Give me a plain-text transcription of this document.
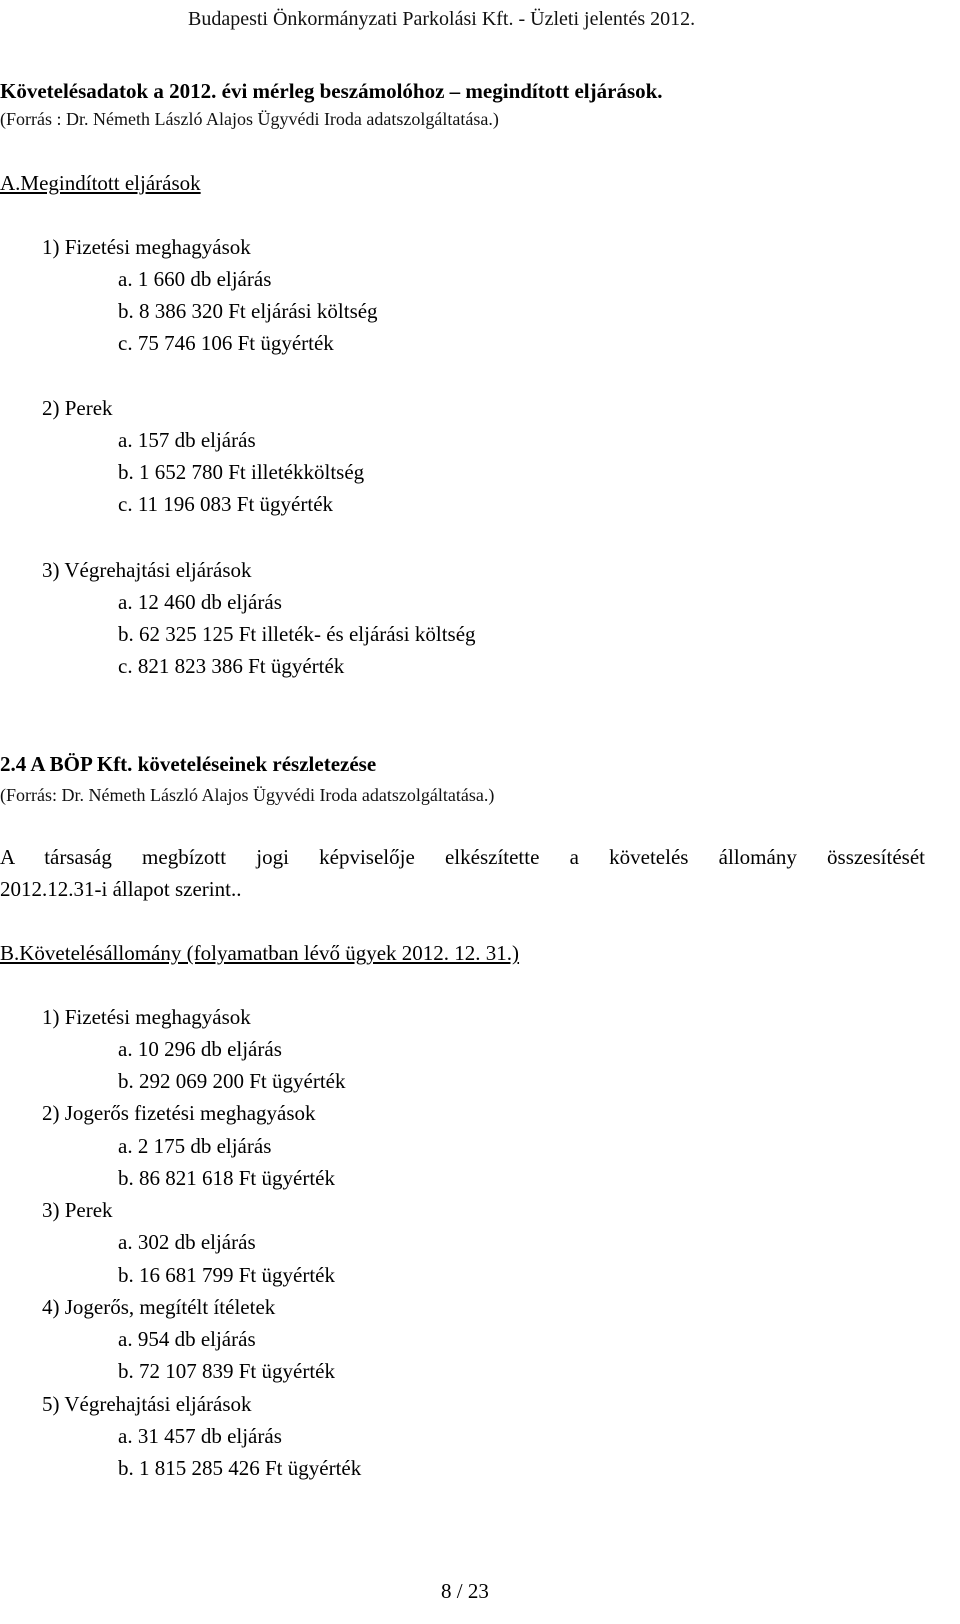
Budapesti Önkormányzati Parkolási Kft. - Üzleti jelentés 2012.
Követelésadatok a 2012. évi mérleg beszámolóhoz – megindított eljárások.
(Forrás : Dr. Németh László Alajos Ügyvédi Iroda adatszolgáltatása.)
A.Megindított eljárások
1) Fizetési meghagyások
a. 1 660 db eljárás
b. 8 386 320 Ft eljárási költség
c. 75 746 106 Ft ügyérték
2) Perek
a. 157 db eljárás
b. 1 652 780 Ft illetékköltség
c. 11 196 083 Ft ügyérték
3) Végrehajtási eljárások
a. 12 460 db eljárás
b. 62 325 125 Ft illeték- és eljárási költség
c. 821 823 386 Ft ügyérték
2.4 A BÖP Kft. követeléseinek részletezése
(Forrás: Dr. Németh László Alajos Ügyvédi Iroda adatszolgáltatása.)
A társaság megbízott jogi képviselője elkészítette a követelés állomány összesítését
2012.12.31-i állapot szerint..
B.Követelésállomány (folyamatban lévő ügyek 2012. 12. 31.)
1) Fizetési meghagyások
a. 10 296 db eljárás
b. 292 069 200 Ft ügyérték
2) Jogerős fizetési meghagyások
a. 2 175 db eljárás
b. 86 821 618 Ft ügyérték
3) Perek
a. 302 db eljárás
b. 16 681 799 Ft ügyérték
4) Jogerős, megítélt ítéletek
a. 954 db eljárás
b. 72 107 839 Ft ügyérték
5) Végrehajtási eljárások
a. 31 457 db eljárás
b. 1 815 285 426 Ft ügyérték
8 / 23
